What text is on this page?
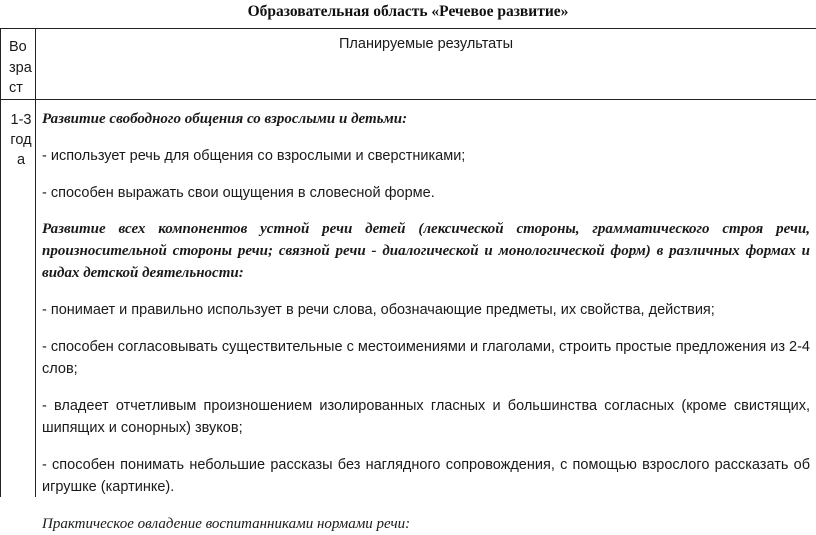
Образовательная область «Речевое развитие»
Во
зра
ст
Планируемые результаты
1-3
год
а

Развитие свободного общения со взрослыми и детьми:

- использует речь для общения со взрослыми и сверстниками;

- способен выражать свои ощущения в словесной форме.

Развитие всех компонентов устной речи детей (лексической стороны, грамматического строя речи, произносительной стороны речи; связной речи - диалогической и монологической форм) в различных формах и видах детской деятельности:

- понимает и правильно использует в речи слова, обозначающие предметы, их свойства, действия;

- способен согласовывать существительные с местоимениями и глаголами, строить простые предложения из 2-4 слов;

- владеет отчетливым произношением изолированных гласных и большинства согласных (кроме свистящих, шипящих и сонорных) звуков;

- способен понимать небольшие рассказы без наглядного сопровождения, с помощью взрослого рассказать об игрушке (картинке).

Практическое овладение воспитанниками нормами речи:
